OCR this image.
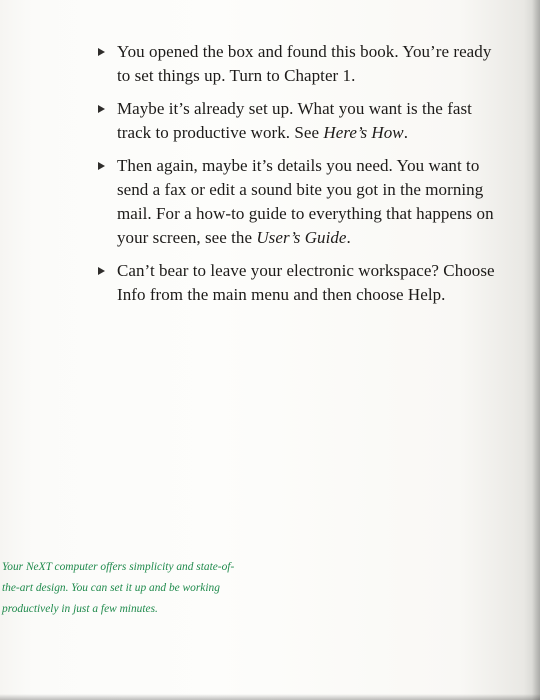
You opened the box and found this book. You’re ready to set things up. Turn to Chapter 1.
Maybe it’s already set up. What you want is the fast track to productive work. See Here’s How.
Then again, maybe it’s details you need. You want to send a fax or edit a sound bite you got in the morning mail. For a how-to guide to everything that happens on your screen, see the User’s Guide.
Can’t bear to leave your electronic workspace? Choose Info from the main menu and then choose Help.

Your NeXT computer offers simplicity and state-of-the-art design. You can set it up and be working productively in just a few minutes.
